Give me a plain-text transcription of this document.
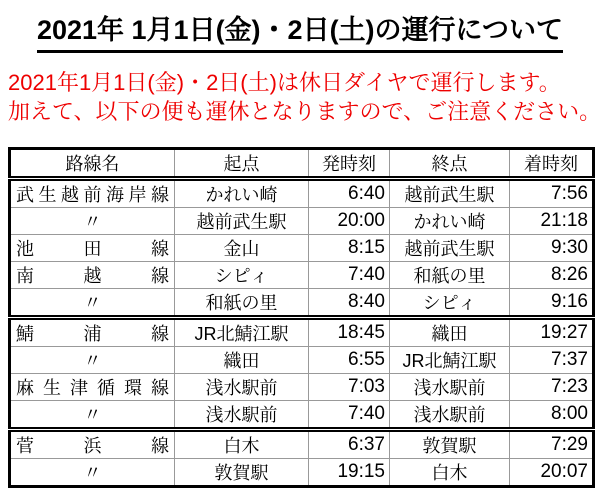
2021年 1月1日(金)・2日(土)の運行について
2021年1月1日(金)・2日(土)は休日ダイヤで運行します。
加えて、以下の便も運休となりますので、ご注意ください。
路線名	起点	発時刻	終点	着時刻

武 生 越 前 海 岸 線	かれい崎	6:40	越前武生駅	7:56
〃	越前武生駅	20:00	かれい崎	21:18

池 田 線	金山	8:15	越前武生駅	9:30

南 越 線	シピィ	7:40	和紙の里	8:26
〃	和紙の里	8:40	シピィ	9:16

鯖 浦 線	JR北鯖江駅	18:45	織田	19:27
〃	織田	6:55	JR北鯖江駅	7:37

麻 生 津 循 環 線	浅水駅前	7:03	浅水駅前	7:23
〃	浅水駅前	7:40	浅水駅前	8:00

菅 浜 線	白木	6:37	敦賀駅	7:29
〃	敦賀駅	19:15	白木	20:07
